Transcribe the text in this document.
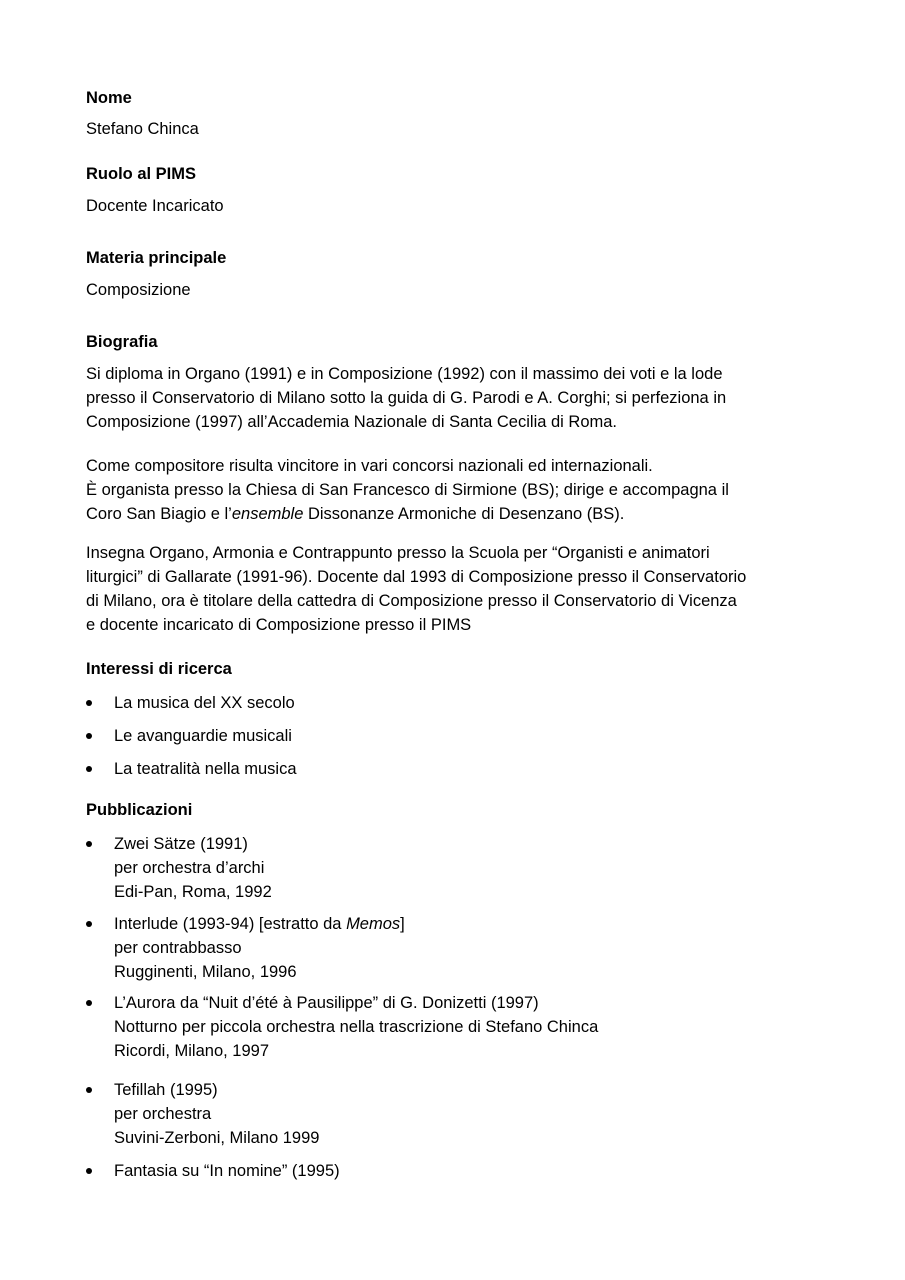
Nome

Stefano Chinca

Ruolo al PIMS

Docente Incaricato

Materia principale

Composizione

Biografia

Si diploma in Organo (1991) e in Composizione (1992) con il massimo dei voti e la lode
presso il Conservatorio di Milano sotto la guida di G. Parodi e A. Corghi; si perfeziona in
Composizione (1997) all’Accademia Nazionale di Santa Cecilia di Roma.

Come compositore risulta vincitore in vari concorsi nazionali ed internazionali.
È organista presso la Chiesa di San Francesco di Sirmione (BS); dirige e accompagna il
Coro San Biagio e l’ensemble Dissonanze Armoniche di Desenzano (BS).

Insegna Organo, Armonia e Contrappunto presso la Scuola per “Organisti e animatori
liturgici” di Gallarate (1991-96). Docente dal 1993 di Composizione presso il Conservatorio
di Milano, ora è titolare della cattedra di Composizione presso il Conservatorio di Vicenza
e docente incaricato di Composizione presso il PIMS

Interessi di ricerca

La musica del XX secolo
Le avanguardie musicali
La teatralità nella musica

Pubblicazioni

Zwei Sätze (1991)
per orchestra d’archi
Edi-Pan, Roma, 1992
Interlude (1993-94) [estratto da Memos]
per contrabbasso
Rugginenti, Milano, 1996
L’Aurora da “Nuit d’été à Pausilippe” di G. Donizetti (1997)
Notturno per piccola orchestra nella trascrizione di Stefano Chinca
Ricordi, Milano, 1997
Tefillah (1995)
per orchestra
Suvini-Zerboni, Milano 1999
Fantasia su “In nomine” (1995)
